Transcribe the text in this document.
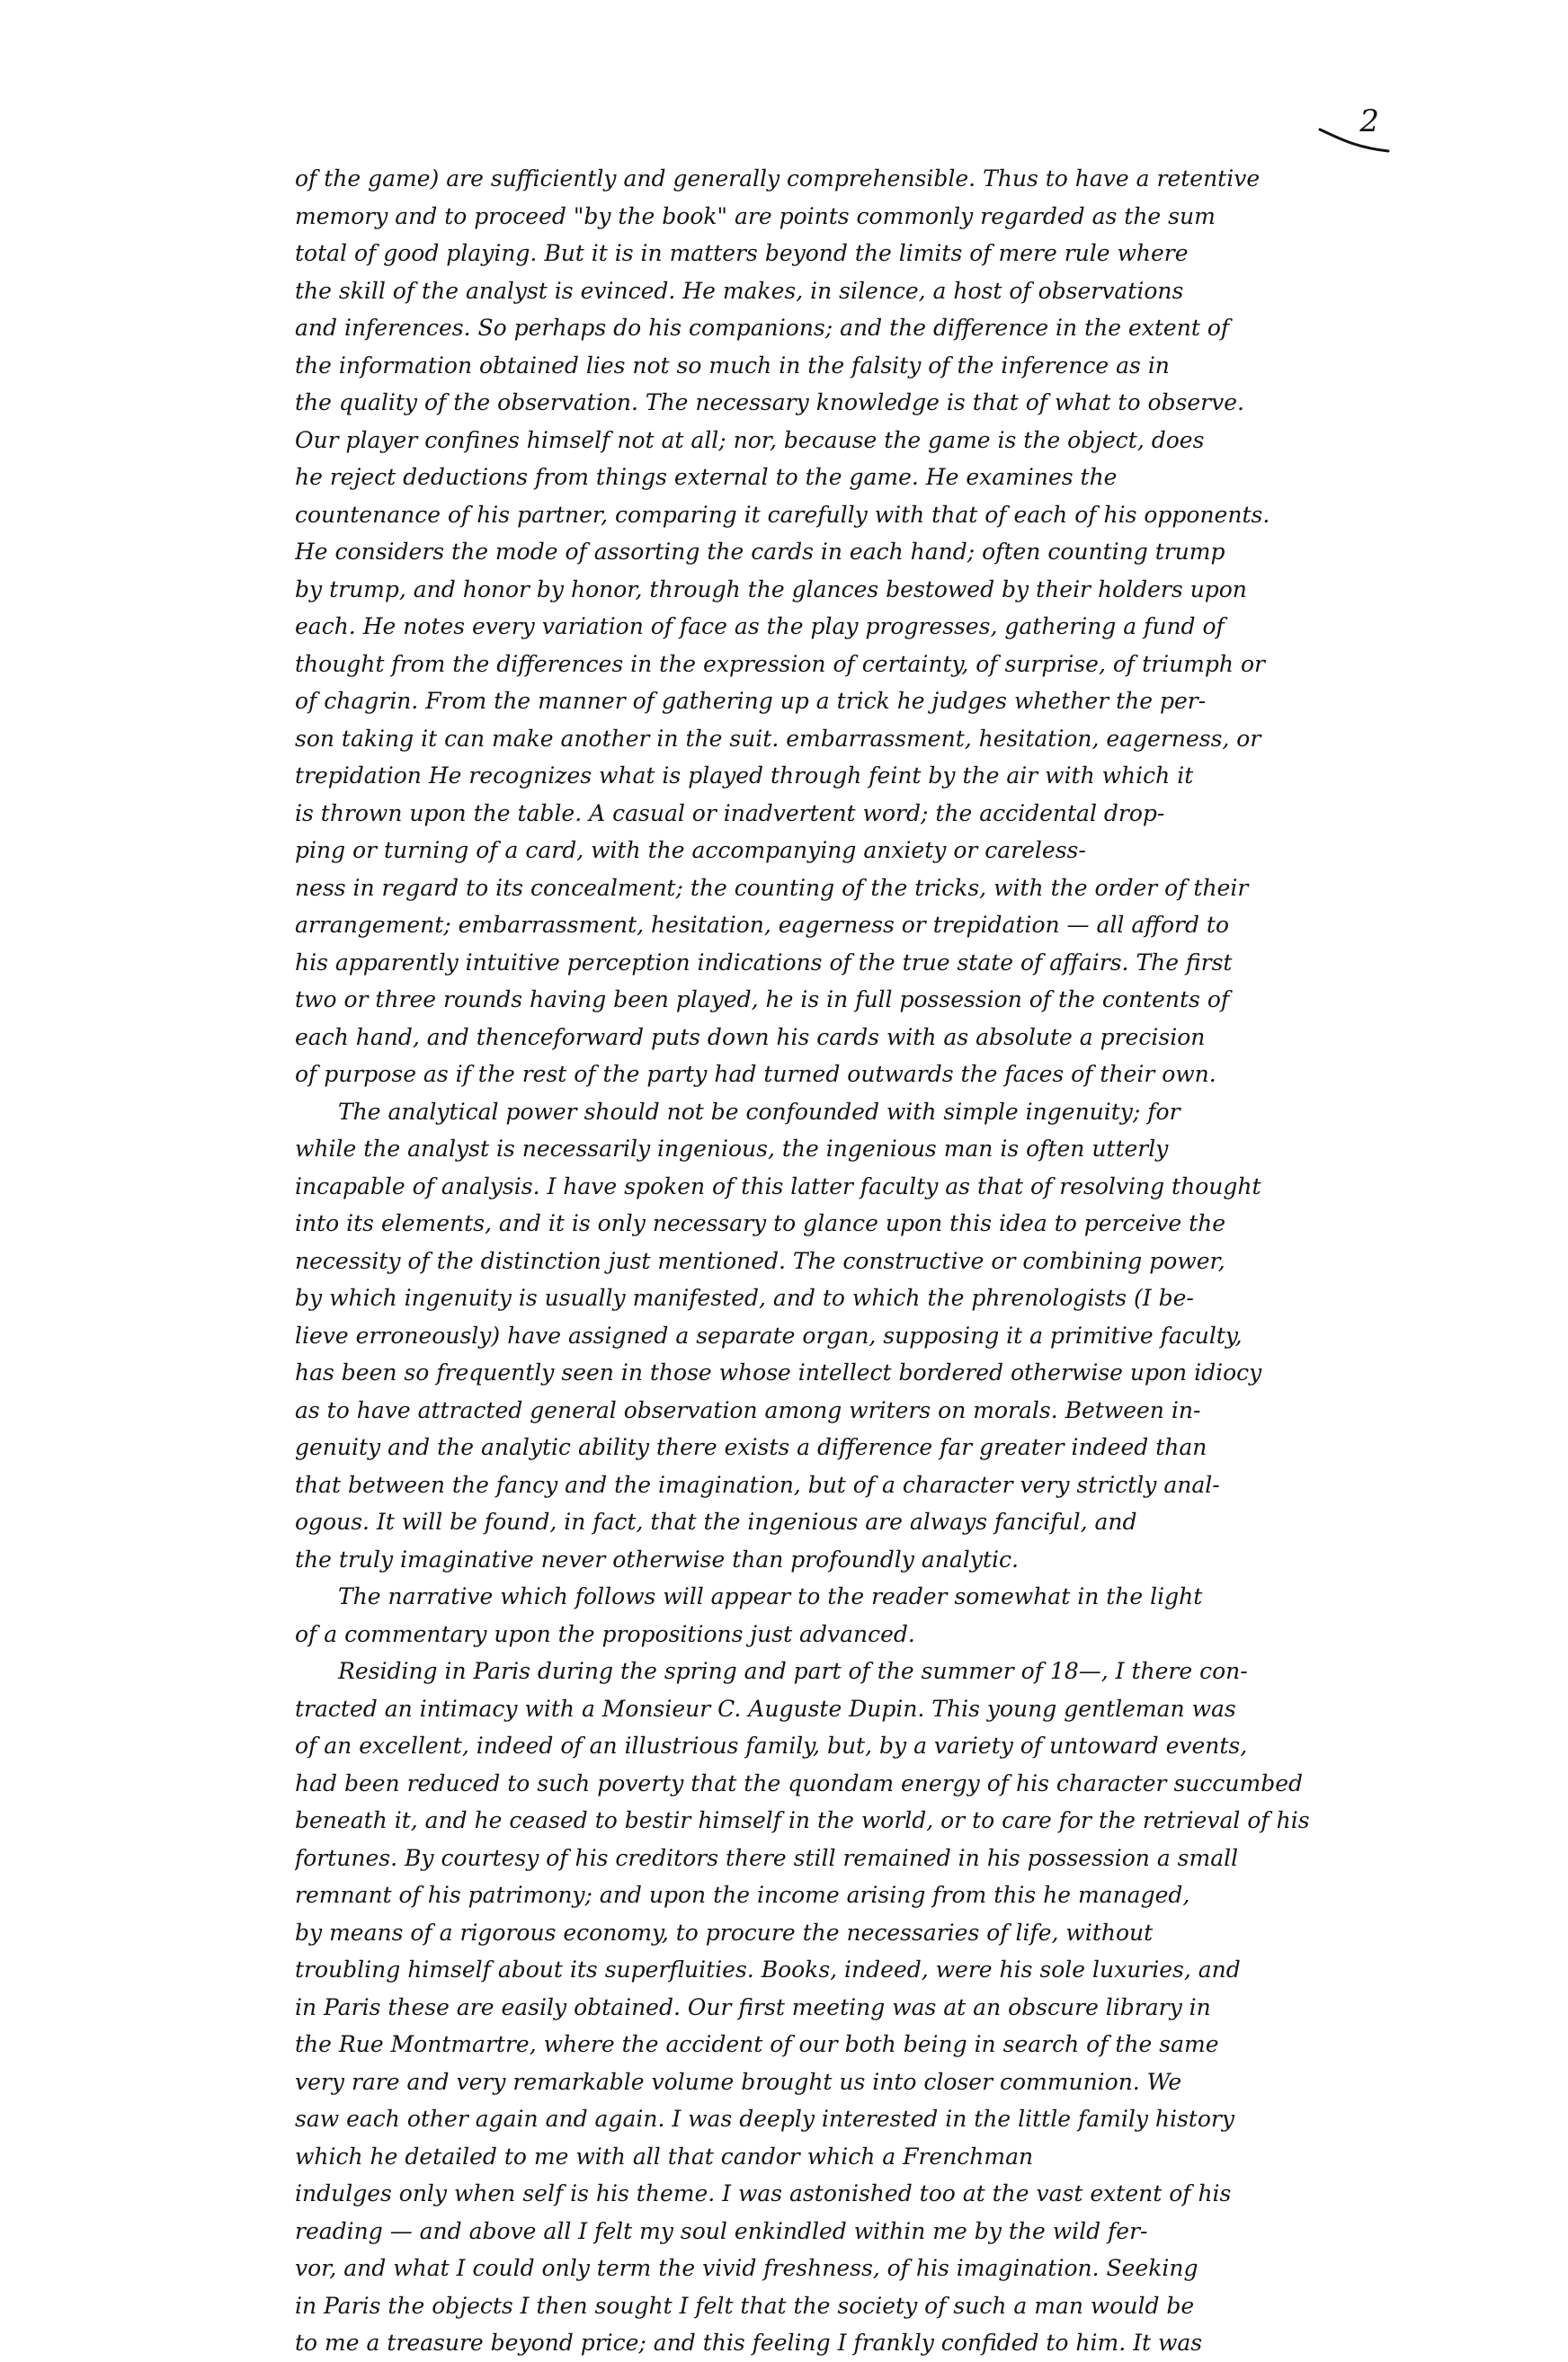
2
of the game) are sufficiently and generally comprehensible. Thus to have a retentive
memory and to proceed "by the book" are points commonly regarded as the sum
total of good playing. But it is in matters beyond the limits of mere rule where
the skill of the analyst is evinced. He makes, in silence, a host of observations
and inferences. So perhaps do his companions; and the difference in the extent of
the information obtained lies not so much in the falsity of the inference as in
the quality of the observation. The necessary knowledge is that of what to observe.
Our player confines himself not at all; nor, because the game is the object, does
he reject deductions from things external to the game. He examines the
countenance of his partner, comparing it carefully with that of each of his opponents.
He considers the mode of assorting the cards in each hand; often counting trump
by trump, and honor by honor, through the glances bestowed by their holders upon
each. He notes every variation of face as the play progresses, gathering a fund of
thought from the differences in the expression of certainty, of surprise, of triumph or
of chagrin. From the manner of gathering up a trick he judges whether the per-
son taking it can make another in the suit. embarrassment, hesitation, eagerness, or
trepidation He recognizes what is played through feint by the air with which it
is thrown upon the table. A casual or inadvertent word; the accidental drop-
ping or turning of a card, with the accompanying anxiety or careless-
ness in regard to its concealment; the counting of the tricks, with the order of their
arrangement; embarrassment, hesitation, eagerness or trepidation — all afford to
his apparently intuitive perception indications of the true state of affairs. The first
two or three rounds having been played, he is in full possession of the contents of
each hand, and thenceforward puts down his cards with as absolute a precision
of purpose as if the rest of the party had turned outwards the faces of their own.
The analytical power should not be confounded with simple ingenuity; for
while the analyst is necessarily ingenious, the ingenious man is often utterly
incapable of analysis. I have spoken of this latter faculty as that of resolving thought
into its elements, and it is only necessary to glance upon this idea to perceive the
necessity of the distinction just mentioned. The constructive or combining power,
by which ingenuity is usually manifested, and to which the phrenologists (I be-
lieve erroneously) have assigned a separate organ, supposing it a primitive faculty,
has been so frequently seen in those whose intellect bordered otherwise upon idiocy
as to have attracted general observation among writers on morals. Between in-
genuity and the analytic ability there exists a difference far greater indeed than
that between the fancy and the imagination, but of a character very strictly anal-
ogous. It will be found, in fact, that the ingenious are always fanciful, and
the truly imaginative never otherwise than profoundly analytic.
The narrative which follows will appear to the reader somewhat in the light
of a commentary upon the propositions just advanced.
Residing in Paris during the spring and part of the summer of 18—, I there con-
tracted an intimacy with a Monsieur C. Auguste Dupin. This young gentleman was
of an excellent, indeed of an illustrious family, but, by a variety of untoward events,
had been reduced to such poverty that the quondam energy of his character succumbed
beneath it, and he ceased to bestir himself in the world, or to care for the retrieval of his
fortunes. By courtesy of his creditors there still remained in his possession a small
remnant of his patrimony; and upon the income arising from this he managed,
by means of a rigorous economy, to procure the necessaries of life, without
troubling himself about its superfluities. Books, indeed, were his sole luxuries, and
in Paris these are easily obtained. Our first meeting was at an obscure library in
the Rue Montmartre, where the accident of our both being in search of the same
very rare and very remarkable volume brought us into closer communion. We
saw each other again and again. I was deeply interested in the little family history
which he detailed to me with all that candor which a Frenchman
indulges only when self is his theme. I was astonished too at the vast extent of his
reading — and above all I felt my soul enkindled within me by the wild fer-
vor, and what I could only term the vivid freshness, of his imagination. Seeking
in Paris the objects I then sought I felt that the society of such a man would be
to me a treasure beyond price; and this feeling I frankly confided to him. It was
